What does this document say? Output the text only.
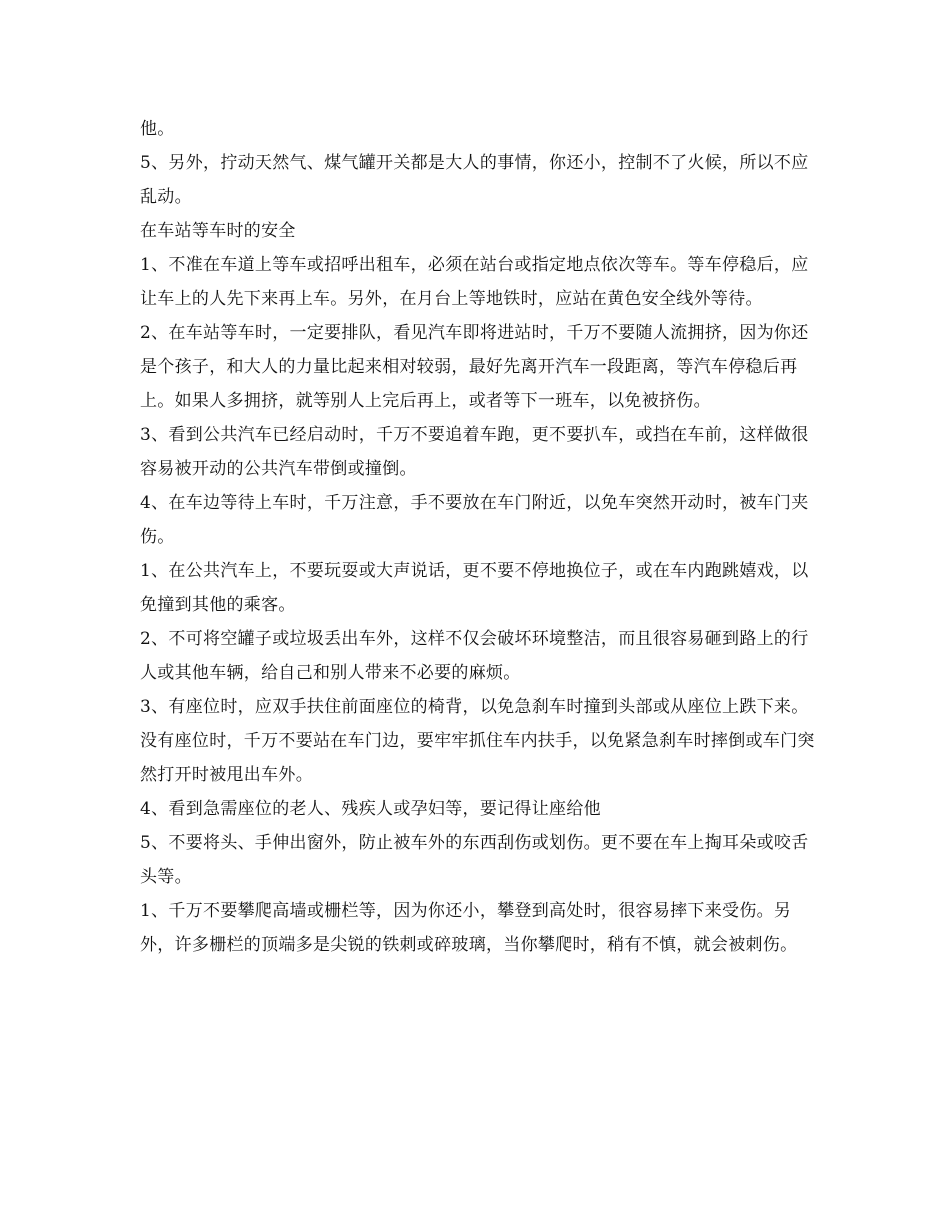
他。

5、另外，拧动天然气、煤气罐开关都是大人的事情，你还小，控制不了火候，所以不应乱动。

在车站等车时的安全

1、不准在车道上等车或招呼出租车，必须在站台或指定地点依次等车。等车停稳后，应让车上的人先下来再上车。另外，在月台上等地铁时，应站在黄色安全线外等待。

2、在车站等车时，一定要排队，看见汽车即将进站时，千万不要随人流拥挤，因为你还是个孩子，和大人的力量比起来相对较弱，最好先离开汽车一段距离，等汽车停稳后再上。如果人多拥挤，就等别人上完后再上，或者等下一班车，以免被挤伤。

3、看到公共汽车已经启动时，千万不要追着车跑，更不要扒车，或挡在车前，这样做很容易被开动的公共汽车带倒或撞倒。

4、在车边等待上车时，千万注意，手不要放在车门附近，以免车突然开动时，被车门夹伤。

1、在公共汽车上，不要玩耍或大声说话，更不要不停地换位子，或在车内跑跳嬉戏，以免撞到其他的乘客。

2、不可将空罐子或垃圾丢出车外，这样不仅会破坏环境整洁，而且很容易砸到路上的行人或其他车辆，给自己和别人带来不必要的麻烦。

3、有座位时，应双手扶住前面座位的椅背，以免急刹车时撞到头部或从座位上跌下来。没有座位时，千万不要站在车门边，要牢牢抓住车内扶手，以免紧急刹车时摔倒或车门突然打开时被甩出车外。

4、看到急需座位的老人、残疾人或孕妇等，要记得让座给他

5、不要将头、手伸出窗外，防止被车外的东西刮伤或划伤。更不要在车上掏耳朵或咬舌头等。

1、千万不要攀爬高墙或栅栏等，因为你还小，攀登到高处时，很容易摔下来受伤。另外，许多栅栏的顶端多是尖锐的铁刺或碎玻璃，当你攀爬时，稍有不慎，就会被刺伤。
